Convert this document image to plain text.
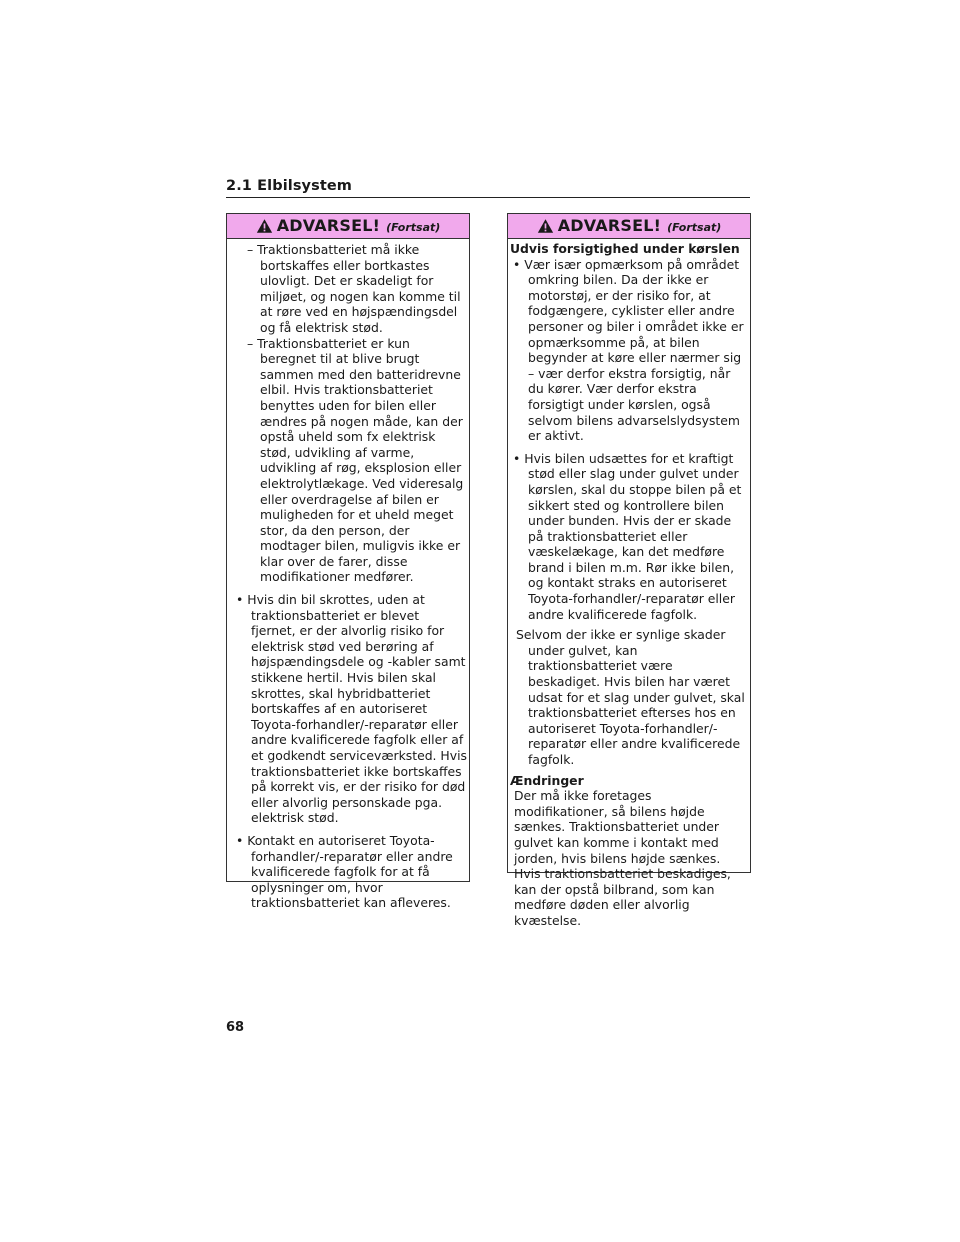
2.1 Elbilsystem
ADVARSEL! (Fortsat)

– Traktionsbatteriet må ikke bortskaffes eller bortkastes ulovligt. Det er skadeligt for miljøet, og nogen kan komme til at røre ved en højspændingsdel og få elektrisk stød.

– Traktionsbatteriet er kun beregnet til at blive brugt sammen med den batteridrevne elbil. Hvis traktionsbatteriet benyttes uden for bilen eller ændres på nogen måde, kan der opstå uheld som fx elektrisk stød, udvikling af varme, udvikling af røg, eksplosion eller elektrolytlækage. Ved videresalg eller overdragelse af bilen er muligheden for et uheld meget stor, da den person, der modtager bilen, muligvis ikke er klar over de farer, disse modifikationer medfører.

• Hvis din bil skrottes, uden at traktionsbatteriet er blevet fjernet, er der alvorlig risiko for elektrisk stød ved berøring af højspændingsdele og -kabler samt stikkene hertil. Hvis bilen skal skrottes, skal hybridbatteriet bortskaffes af en autoriseret Toyota-forhandler/-reparatør eller andre kvalificerede fagfolk eller af et godkendt serviceværksted. Hvis traktionsbatteriet ikke bortskaffes på korrekt vis, er der risiko for død eller alvorlig personskade pga. elektrisk stød.

• Kontakt en autoriseret Toyota-forhandler/-reparatør eller andre kvalificerede fagfolk for at få oplysninger om, hvor traktionsbatteriet kan afleveres.

ADVARSEL! (Fortsat)

Udvis forsigtighed under kørslen

• Vær især opmærksom på området omkring bilen. Da der ikke er motorstøj, er der risiko for, at fodgængere, cyklister eller andre personer og biler i området ikke er opmærksomme på, at bilen begynder at køre eller nærmer sig – vær derfor ekstra forsigtig, når du kører. Vær derfor ekstra forsigtigt under kørslen, også selvom bilens advarselslydsystem er aktivt.

• Hvis bilen udsættes for et kraftigt stød eller slag under gulvet under kørslen, skal du stoppe bilen på et sikkert sted og kontrollere bilen under bunden. Hvis der er skade på traktionsbatteriet eller væskelækage, kan det medføre brand i bilen m.m. Rør ikke bilen, og kontakt straks en autoriseret Toyota-forhandler/-reparatør eller andre kvalificerede fagfolk.

Selvom der ikke er synlige skader under gulvet, kan traktionsbatteriet være beskadiget. Hvis bilen har været udsat for et slag under gulvet, skal traktionsbatteriet efterses hos en autoriseret Toyota-forhandler/-reparatør eller andre kvalificerede fagfolk.

Ændringer

Der må ikke foretages modifikationer, så bilens højde sænkes. Traktionsbatteriet under gulvet kan komme i kontakt med jorden, hvis bilens højde sænkes. Hvis traktionsbatteriet beskadiges, kan der opstå bilbrand, som kan medføre døden eller alvorlig kvæstelse.

68
